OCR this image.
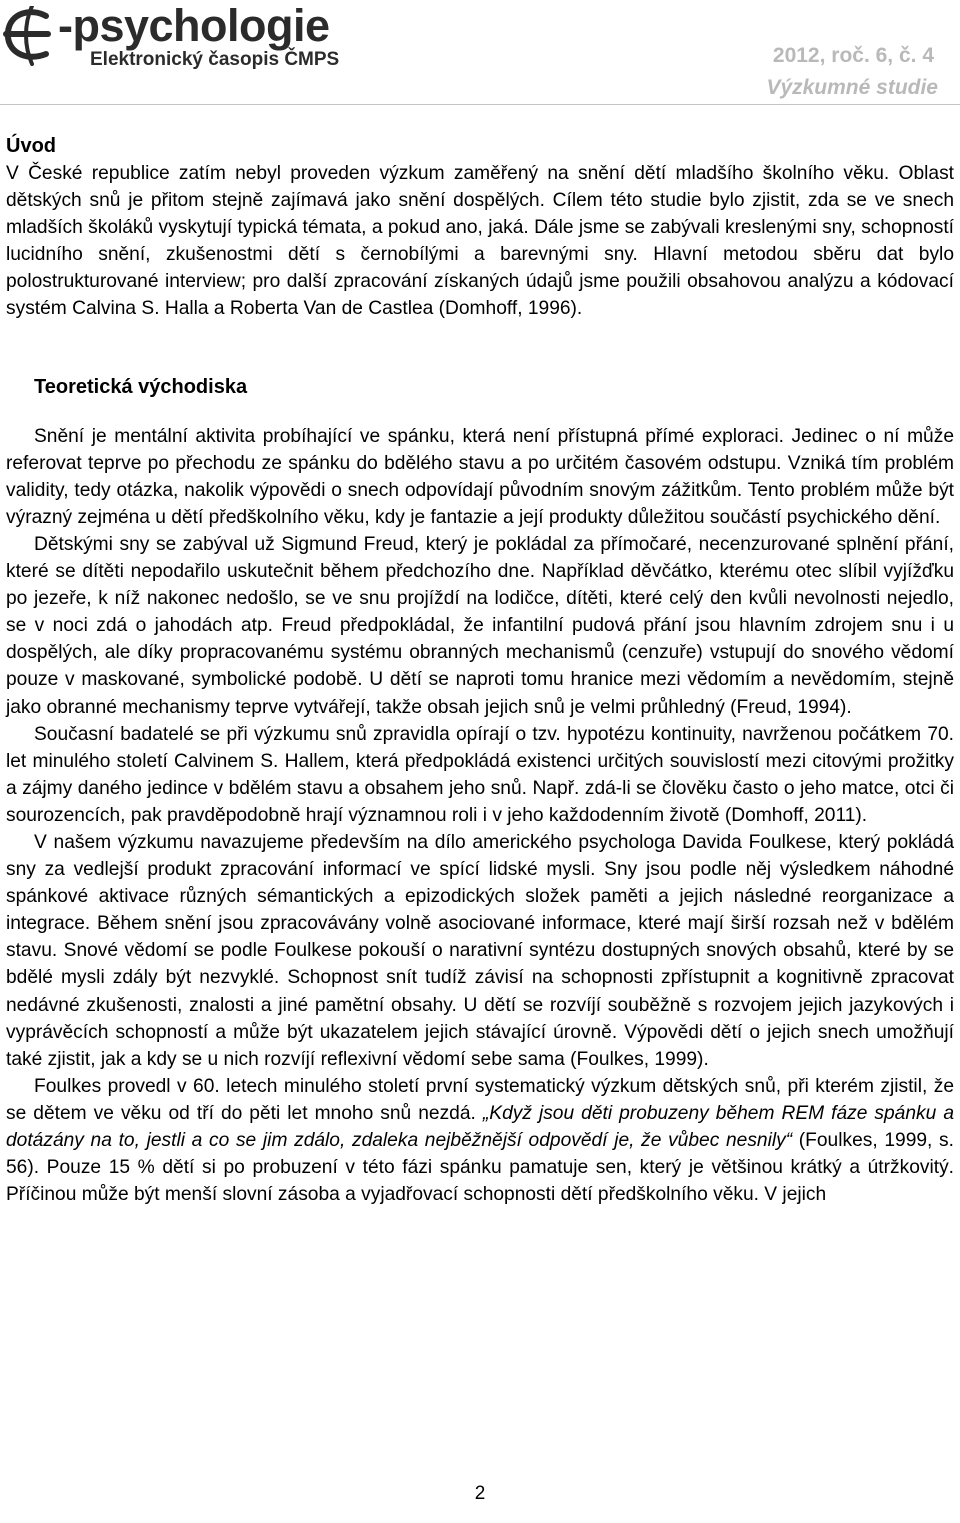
-psychologie
Elektronický časopis ČMPS	2012, roč. 6, č. 4
Výzkumné studie
Úvod

V České republice zatím nebyl proveden výzkum zaměřený na snění dětí mladšího školního věku. Oblast dětských snů je přitom stejně zajímavá jako snění dospělých. Cílem této studie bylo zjistit, zda se ve snech mladších školáků vyskytují typická témata, a pokud ano, jaká. Dále jsme se zabývali kreslenými sny, schopností lucidního snění, zkušenostmi dětí s černobílými a barevnými sny. Hlavní metodou sběru dat bylo polostrukturované interview; pro další zpracování získaných údajů jsme použili obsahovou analýzu a kódovací systém Calvina S. Halla a Roberta Van de Castlea (Domhoff, 1996).

Teoretická východiska

Snění je mentální aktivita probíhající ve spánku, která není přístupná přímé exploraci. Jedinec o ní může referovat teprve po přechodu ze spánku do bdělého stavu a po určitém časovém odstupu. Vzniká tím problém validity, tedy otázka, nakolik výpovědi o snech odpovídají původním snovým zážitkům. Tento problém může být výrazný zejména u dětí předškolního věku, kdy je fantazie a její produkty důležitou součástí psychického dění.

Dětskými sny se zabýval už Sigmund Freud, který je pokládal za přímočaré, necenzurované splnění přání, které se dítěti nepodařilo uskutečnit během předchozího dne. Například děvčátko, kterému otec slíbil vyjížďku po jezeře, k níž nakonec nedošlo, se ve snu projíždí na lodičce, dítěti, které celý den kvůli nevolnosti nejedlo, se v noci zdá o jahodách atp. Freud předpokládal, že infantilní pudová přání jsou hlavním zdrojem snu i u dospělých, ale díky propracovanému systému obranných mechanismů (cenzuře) vstupují do snového vědomí pouze v maskované, symbolické podobě. U dětí se naproti tomu hranice mezi vědomím a nevědomím, stejně jako obranné mechanismy teprve vytvářejí, takže obsah jejich snů je velmi průhledný (Freud, 1994).

Současní badatelé se při výzkumu snů zpravidla opírají o tzv. hypotézu kontinuity, navrženou počátkem 70. let minulého století Calvinem S. Hallem, která předpokládá existenci určitých souvislostí mezi citovými prožitky a zájmy daného jedince v bdělém stavu a obsahem jeho snů. Např. zdá-li se člověku často o jeho matce, otci či sourozencích, pak pravděpodobně hrají významnou roli i v jeho každodenním životě (Domhoff, 2011).

V našem výzkumu navazujeme především na dílo amerického psychologa Davida Foulkese, který pokládá sny za vedlejší produkt zpracování informací ve spící lidské mysli. Sny jsou podle něj výsledkem náhodné spánkové aktivace různých sémantických a epizodických složek paměti a jejich následné reorganizace a integrace. Během snění jsou zpracovávány volně asociované informace, které mají širší rozsah než v bdělém stavu. Snové vědomí se podle Foulkese pokouší o narativní syntézu dostupných snových obsahů, které by se bdělé mysli zdály být nezvyklé. Schopnost snít tudíž závisí na schopnosti zpřístupnit a kognitivně zpracovat nedávné zkušenosti, znalosti a jiné pamětní obsahy. U dětí se rozvíjí souběžně s rozvojem jejich jazykových i vyprávěcích schopností a může být ukazatelem jejich stávající úrovně. Výpovědi dětí o jejich snech umožňují také zjistit, jak a kdy se u nich rozvíjí reflexivní vědomí sebe sama (Foulkes, 1999).

Foulkes provedl v 60. letech minulého století první systematický výzkum dětských snů, při kterém zjistil, že se dětem ve věku od tří do pěti let mnoho snů nezdá. „Když jsou děti probuzeny během REM fáze spánku a dotázány na to, jestli a co se jim zdálo, zdaleka nejběžnější odpovědí je, že vůbec nesnily“ (Foulkes, 1999, s. 56). Pouze 15 % dětí si po probuzení v této fázi spánku pamatuje sen, který je většinou krátký a útržkovitý. Příčinou může být menší slovní zásoba a vyjadřovací schopnosti dětí předškolního věku. V jejich

2
